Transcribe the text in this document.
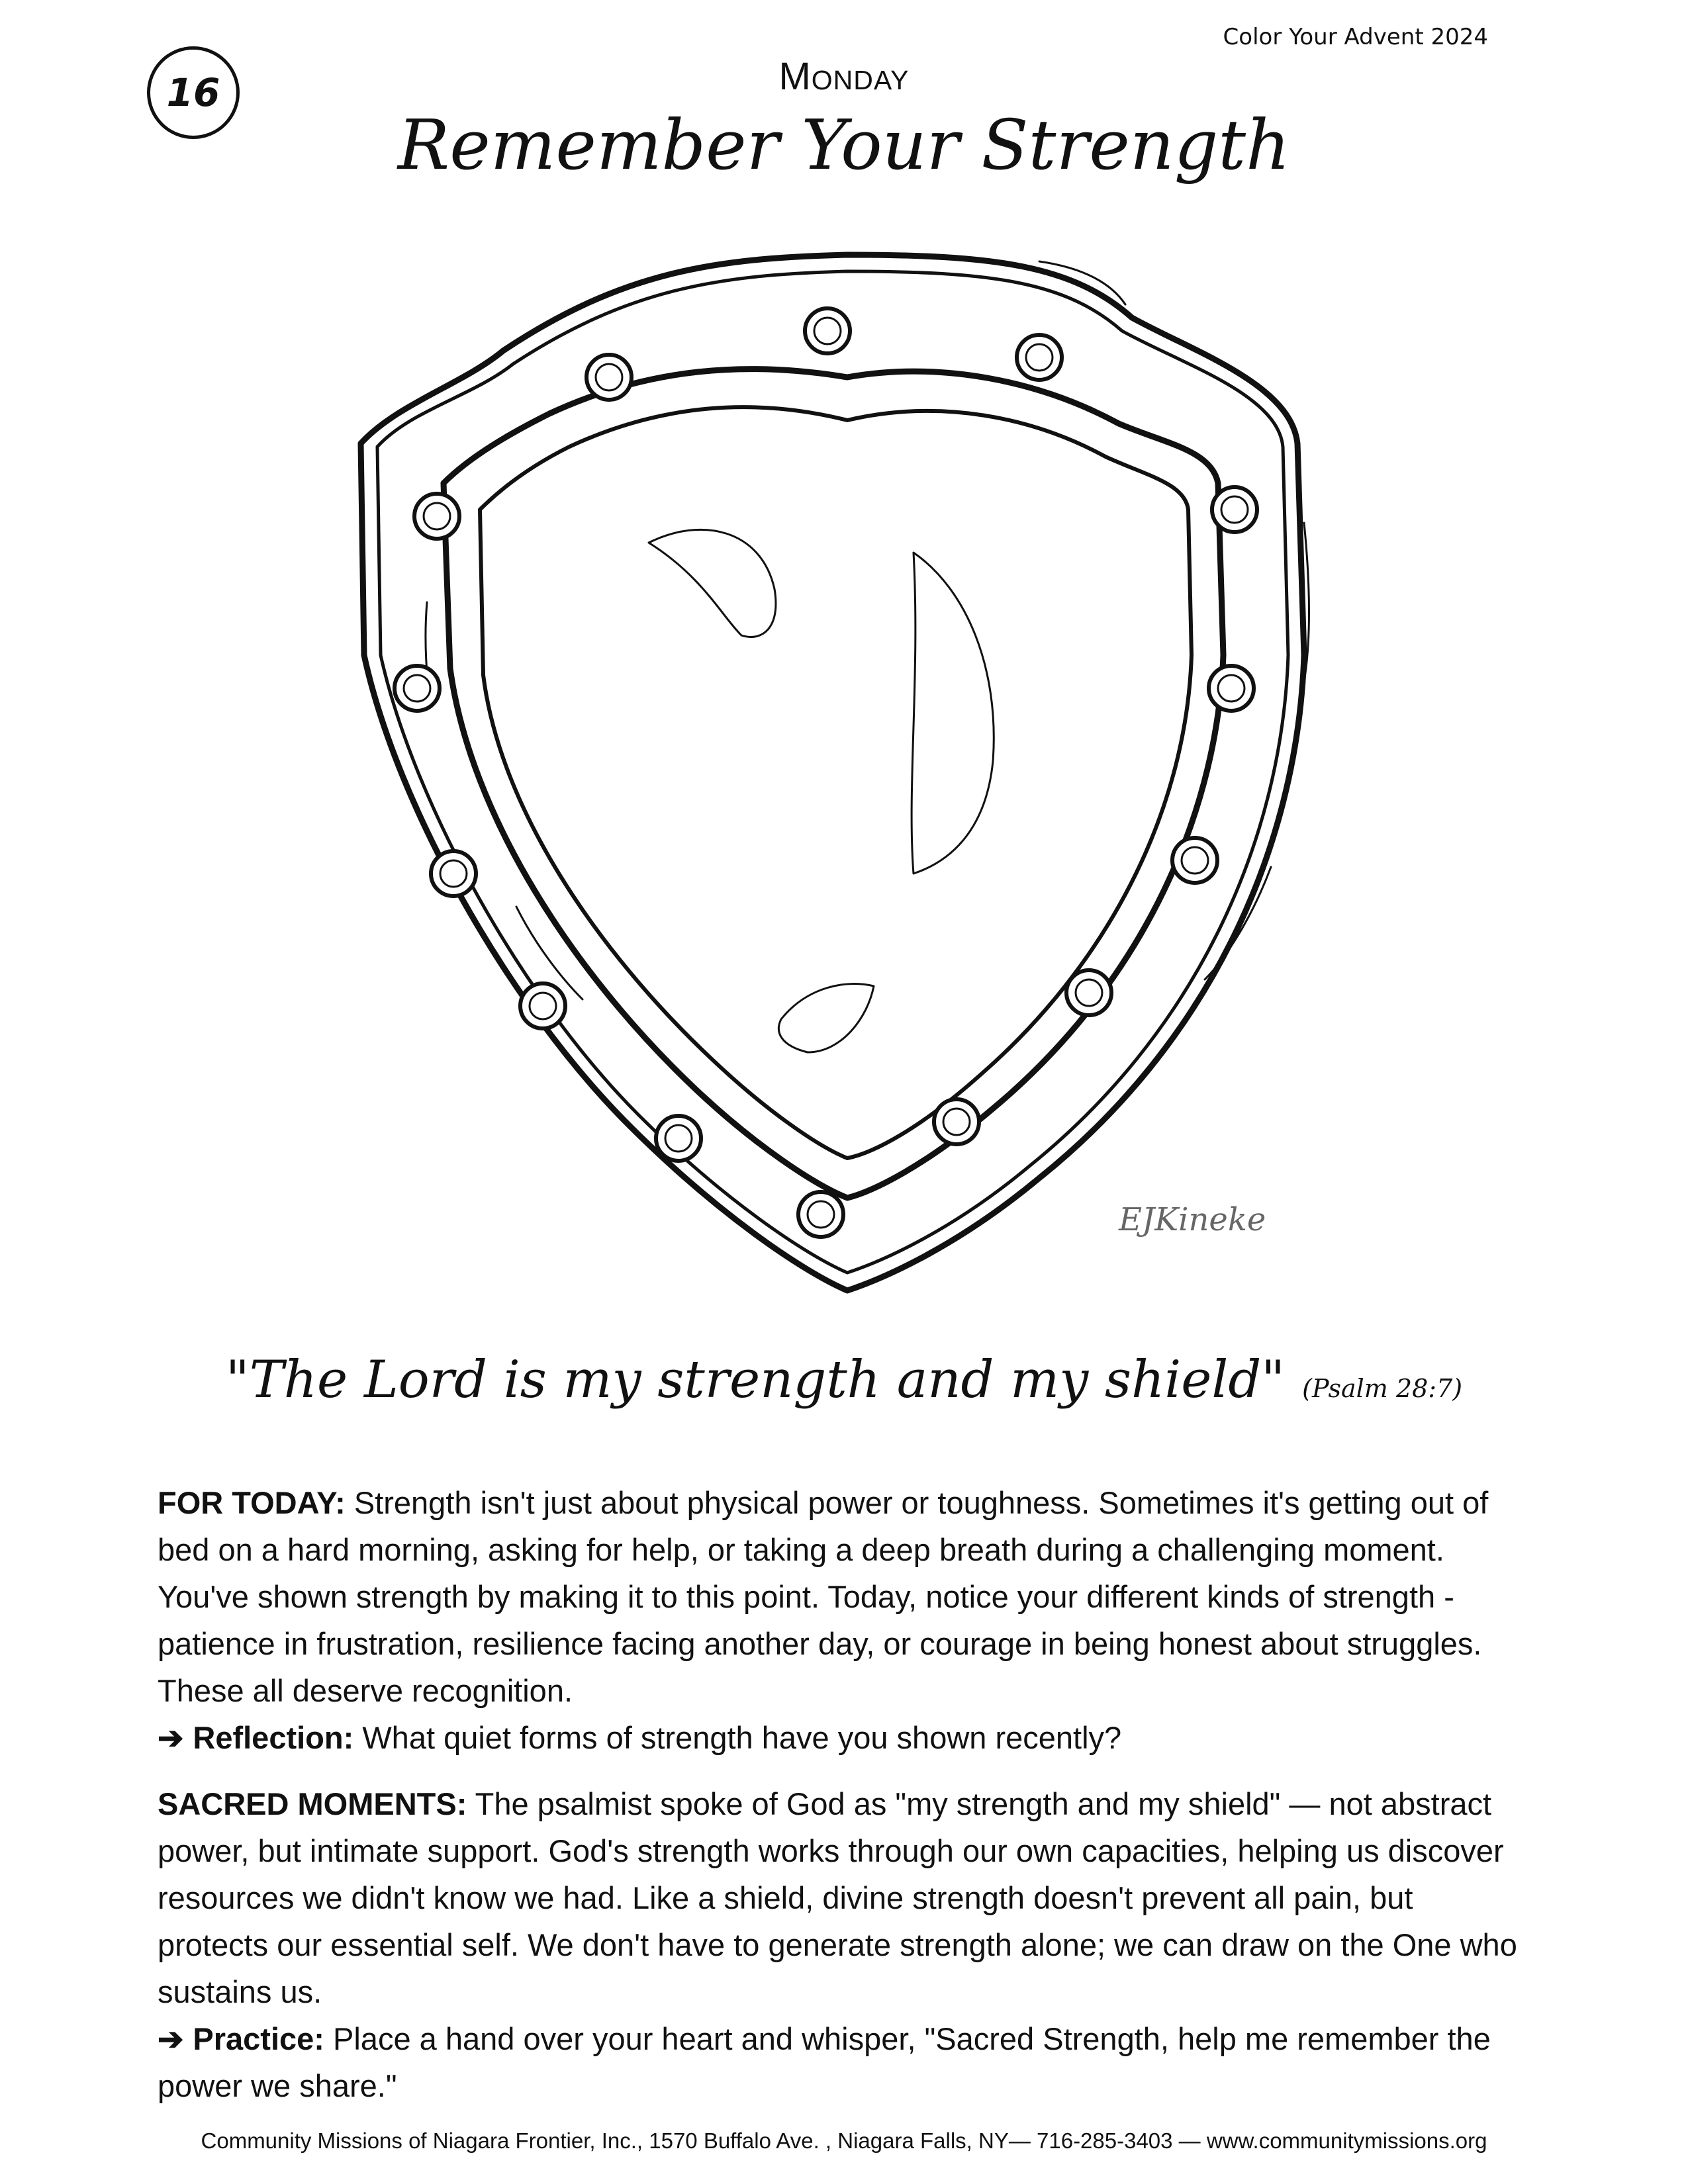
Color Your Advent 2024
16	Monday
Remember Your Strength
EJKineke
"The Lord is my strength and my shield" (Psalm 28:7)
FOR TODAY: Strength isn't just about physical power or toughness. Sometimes it's getting out of bed on a hard morning, asking for help, or taking a deep breath during a challenging moment. You've shown strength by making it to this point. Today, notice your different kinds of strength - patience in frustration, resilience facing another day, or courage in being honest about struggles. These all deserve recognition.
➔ Reflection: What quiet forms of strength have you shown recently?
SACRED MOMENTS: The psalmist spoke of God as "my strength and my shield" — not abstract power, but intimate support. God's strength works through our own capacities, helping us discover resources we didn't know we had. Like a shield, divine strength doesn't prevent all pain, but protects our essential self. We don't have to generate strength alone; we can draw on the One who sustains us.
➔ Practice: Place a hand over your heart and whisper, "Sacred Strength, help me remember the power we share."
Community Missions of Niagara Frontier, Inc., 1570 Buffalo Ave. , Niagara Falls, NY— 716-285-3403 — www.communitymissions.org
